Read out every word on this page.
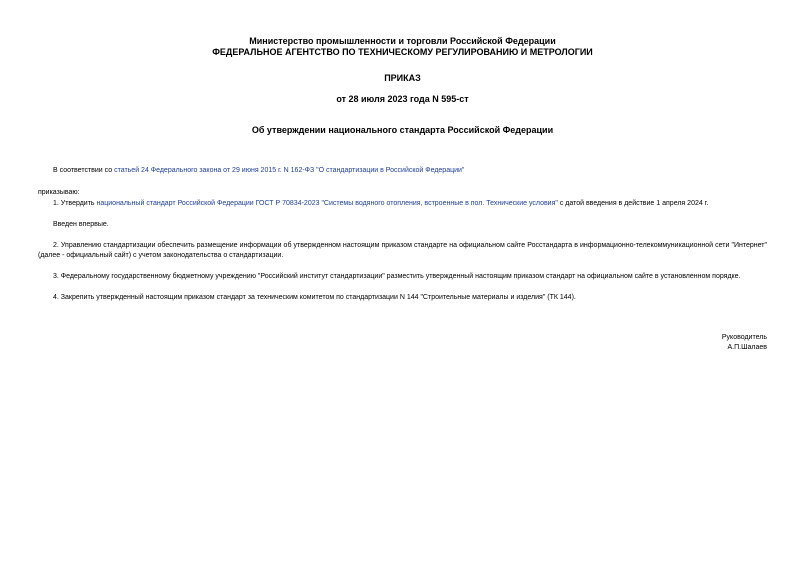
Министерство промышленности и торговли Российской Федерации
ФЕДЕРАЛЬНОЕ АГЕНТСТВО ПО ТЕХНИЧЕСКОМУ РЕГУЛИРОВАНИЮ И МЕТРОЛОГИИ
ПРИКАЗ
от 28 июля 2023 года N 595-ст
Об утверждении национального стандарта Российской Федерации

В соответствии со статьей 24 Федерального закона от 29 июня 2015 г. N 162-ФЗ "О стандартизации в Российской Федерации"

приказываю:

1. Утвердить национальный стандарт Российской Федерации ГОСТ Р 70834-2023 "Системы водяного отопления, встроенные в пол. Технические условия" с датой введения в действие 1 апреля 2024 г.

Введен впервые.

2. Управлению стандартизации обеспечить размещение информации об утвержденном настоящим приказом стандарте на официальном сайте Росстандарта в информационно-телекоммуникационной сети "Интернет" (далее - официальный сайт) с учетом законодательства о стандартизации.

3. Федеральному государственному бюджетному учреждению "Российский институт стандартизации" разместить утвержденный настоящим приказом стандарт на официальном сайте в установленном порядке.

4. Закрепить утвержденный настоящим приказом стандарт за техническим комитетом по стандартизации N 144 "Строительные материалы и изделия" (ТК 144).

Руководитель
А.П.Шалаев
